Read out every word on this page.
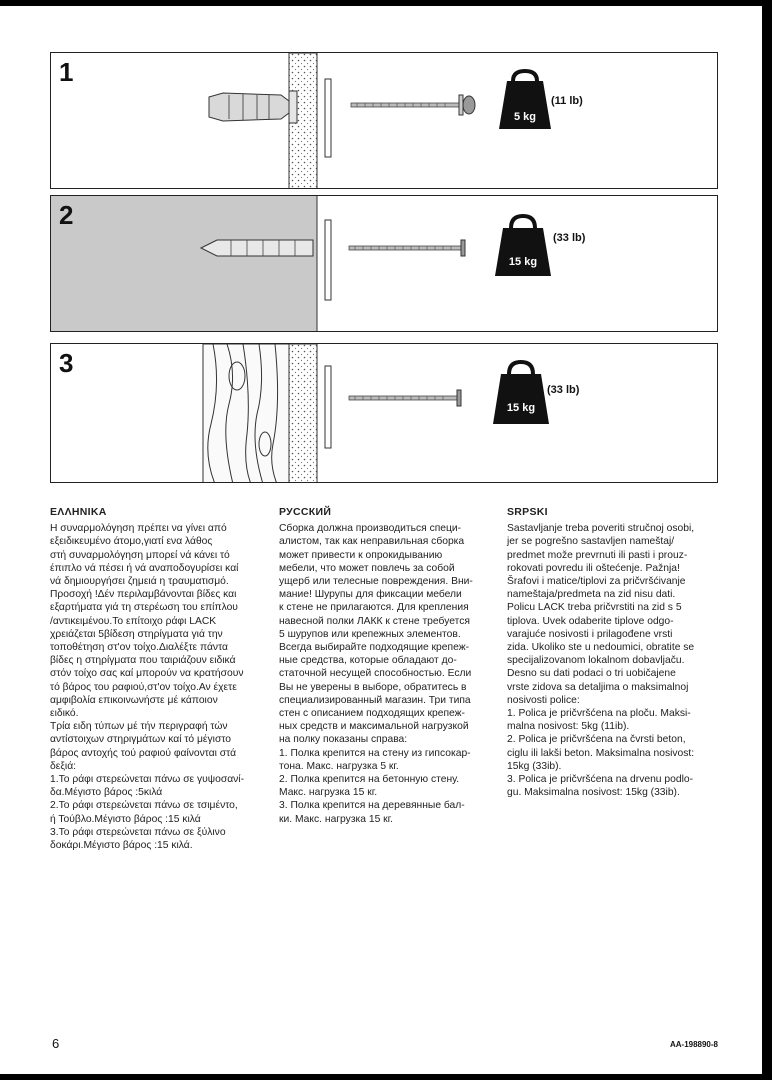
1
5 kg
(11 lb)
2
15 kg
(33 lb)
3
15 kg
(33 lb)
ΕΛΛΗΝΙΚΑ

Η συναρμολόγηση πρέπει να γίνει από
εξειδικευμένο άτομο,γιατί ενα λάθος
στή συναρμολόγηση μπορεί νά κάνει τό
έπιπλο νά πέσει ή νά αναποδογυρίσει καί
νά δημιουργήσει ζημειά η τραυματισμό.
Προσοχή !Δέν περιλαμβάνονται βίδες και
εξαρτήματα γιά τη στερέωση του επίπλου
/αντικειμένου.Το επίτοιχο ράφι LACK
χρειάζεται 5βίδεση στηρίγματα γιά την
τοποθέτηση στ'ον τοίχο.Διαλέξτε πάντα
βίδες η στηρίγματα που ταιριάζουν ειδικά
στόν τοίχο σας καί μπορούν να κρατήσουν
τό βάρος του ραφιού,στ'ον τοίχο.Αν έχετε
αμφιβολία επικοινωνήστε μέ κάποιον
ειδικό.
Τρία ειδη τύπων μέ τήν περιγραφή τών
αντίστοιχων στηριγμάτων καί τό μέγιστο
βάρος αντοχής τού ραφιού φαίνονται στά
δεξιά:
1.Το ράφι στερεώνεται πάνω σε γυψοσανί-
δα.Μέγιστο βάρος :5κιλά
2.Το ράφι στερεώνεται πάνω σε τσιμέντο,
ή Τούβλο.Μέγιστο βάρος :15 κιλά
3.Το ράφι στερεώνεται πάνω σε ξύλινο
δοκάρι.Μέγιστο βάρος :15 κιλά.

РУССКИЙ

Сборка должна производиться специ-
алистом, так как неправильная сборка
может привести к опрокидыванию
мебели, что может повлечь за собой
ущерб или телесные повреждения. Вни-
мание! Шурупы для фиксации мебели
к стене не прилагаются. Для крепления
навесной полки ЛАКК к стене требуется
5 шурупов или крепежных элементов.
Всегда выбирайте подходящие крепеж-
ные средства, которые обладают до-
статочной несущей способностью. Если
Вы не уверены в выборе, обратитесь в
специализированный магазин. Три типа
стен с описанием подходящих крепеж-
ных средств и максимальной нагрузкой
на полку показаны справа:
1. Полка крепится на стену из гипсокар-
тона. Макс. нагрузка 5 кг.
2. Полка крепится на бетонную стену.
Макс. нагрузка 15 кг.
3. Полка крепится на деревянные бал-
ки. Макс. нагрузка 15 кг.

SRPSKI

Sastavljanje treba poveriti stručnoj osobi,
jer se pogrešno sastavljen nameštaj/
predmet može prevrnuti ili pasti i prouz-
rokovati povredu ili oštećenje. Pažnja!
Šrafovi i matice/tiplovi za pričvršćivanje
nameštaja/predmeta na zid nisu dati.
Policu LACK treba pričvrstiti na zid s 5
tiplova. Uvek odaberite tiplove odgo-
varajuće nosivosti i prilagođene vrsti
zida. Ukoliko ste u nedoumici, obratite se
specijalizovanom lokalnom dobavljaču.
Desno su dati podaci o tri uobičajene
vrste zidova sa detaljima o maksimalnoj
nosivosti police:
1. Polica je pričvršćena na ploču. Maksi-
malna nosivost: 5kg (11ib).
2. Polica je pričvršćena na čvrsti beton,
ciglu ili lakši beton. Maksimalna nosivost:
15kg (33ib).
3. Polica je pričvršćena na drvenu podlo-
gu. Maksimalna nosivost: 15kg (33ib).

6	AA-198890-8
